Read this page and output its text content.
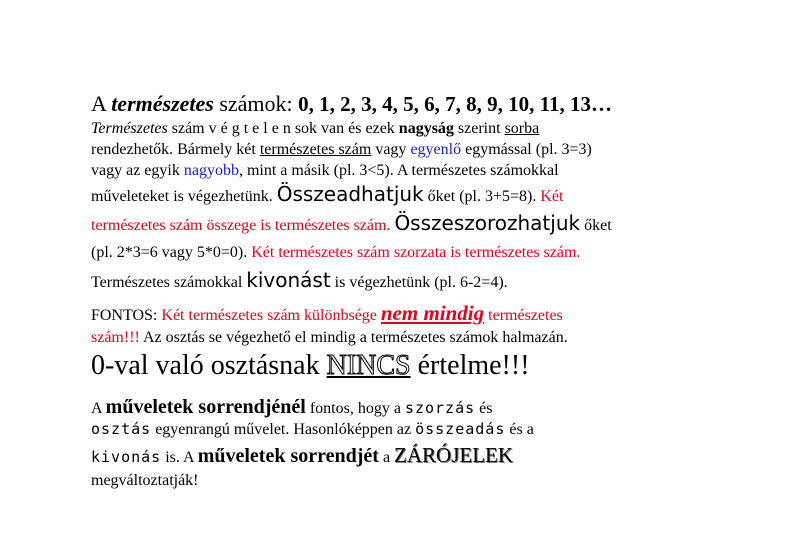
A természetes számok: 0, 1, 2, 3, 4, 5, 6, 7, 8, 9, 10, 11, 13…
Természetes szám v é g t e l e n sok van és ezek nagyság szerint sorba
rendezhetők. Bármely két természetes szám vagy egyenlő egymással (pl. 3=3)
vagy az egyik nagyobb, mint a másik (pl. 3<5). A természetes számokkal
műveleteket is végezhetünk. Összeadhatjuk őket (pl. 3+5=8). Két
természetes szám összege is természetes szám. Összeszorozhatjuk őket
(pl. 2*3=6 vagy 5*0=0). Két természetes szám szorzata is természetes szám.
Természetes számokkal kivonást is végezhetünk (pl. 6-2=4).
FONTOS: Két természetes szám különbsége nem mindig természetes
szám!!! Az osztás se végezhető el mindig a természetes számok halmazán.
0-val való osztásnak NINCS értelme!!!
A műveletek sorrendjénél fontos, hogy a szorzás és
osztás egyenrangú művelet. Hasonlóképpen az összeadás és a
kivonás is. A műveletek sorrendjét a ZÁRÓJELEK
megváltoztatják!
